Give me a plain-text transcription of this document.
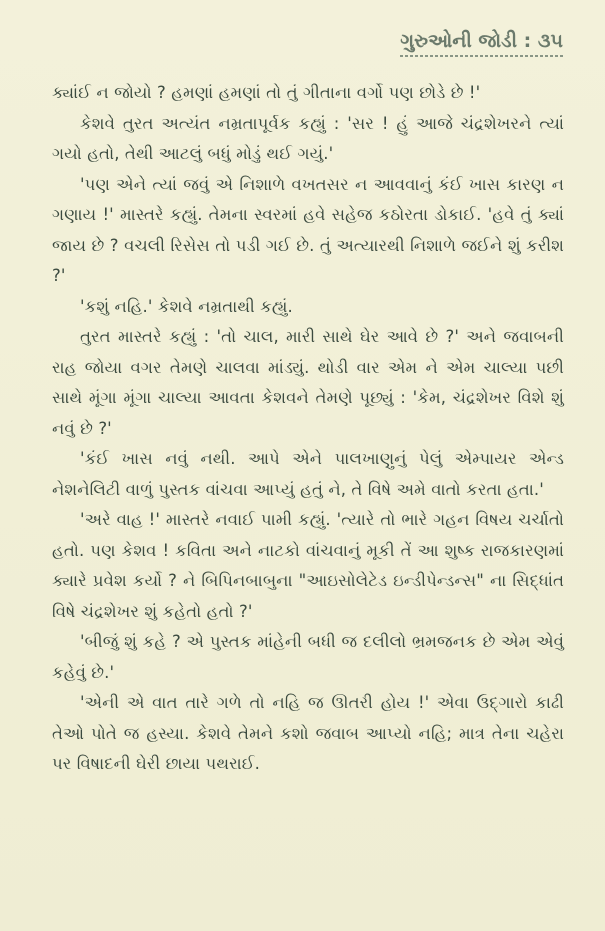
ગુરુઓની જોડી : ૩૫

ક્યાંઈ ન જોયો ? હમણાં હમણાં તો તું ગીતાના વર્ગો પણ છોડે છે !'

કેશવે તુરત અત્યંત નમ્રતાપૂર્વક કહ્યું : 'સર ! હું આજે ચંદ્રશેખરને ત્યાં ગયો હતો, તેથી આટલું બધું મોડું થઈ ગયું.'

'પણ એને ત્યાં જવું એ નિશાળે વખતસર ન આવવાનું કંઈ ખાસ કારણ ન ગણાય !' માસ્તરે કહ્યું. તેમના સ્વરમાં હવે સહેજ કઠોરતા ડોકાઈ. 'હવે તું ક્યાં જાય છે ? વચલી રિસેસ તો પડી ગઈ છે. તું અત્યારથી નિશાળે જઈને શું કરીશ ?'

'કશું નહિ.' કેશવે નમ્રતાથી કહ્યું.

તુરત માસ્તરે કહ્યું : 'તો ચાલ, મારી સાથે ઘેર આવે છે ?' અને જવાબની રાહ જોયા વગર તેમણે ચાલવા માંડ્યું. થોડી વાર એમ ને એમ ચાલ્યા પછી સાથે મૂંગા મૂંગા ચાલ્યા આવતા કેશવને તેમણે પૂછ્યું : 'કેમ, ચંદ્રશેખર વિશે શું નવું છે ?'

'કંઈ ખાસ નવું નથી. આપે એને પાલખાણુનું પેલું એમ્પાયર એન્ડ નેશનેલિટી વાળું પુસ્તક વાંચવા આપ્યું હતું ને, તે વિષે અમે વાતો કરતા હતા.'

'અરે વાહ !' માસ્તરે નવાઈ પામી કહ્યું. 'ત્યારે તો ભારે ગહન વિષય ચર્ચાતો હતો. પણ કેશવ ! કવિતા અને નાટકો વાંચવાનું મૂકી તેં આ શુષ્ક રાજકારણમાં ક્યારે પ્રવેશ કર્યો ? ને બિપિનબાબુના "આઇસોલેટેડ ઇન્ડીપેન્ડન્સ" ના સિદ્ધાંત વિષે ચંદ્રશેખર શું કહેતો હતો ?'

'બીજું શું કહે ? એ પુસ્તક માંહેની બધી જ દલીલો ભ્રમજનક છે એમ એવું કહેવું છે.'

'એની એ વાત તારે ગળે તો નહિ જ ઊતરી હોય !' એવા ઉદ્ગારો કાઢી તેઓ પોતે જ હસ્યા. કેશવે તેમને કશો જવાબ આપ્યો નહિ; માત્ર તેના ચહેરા પર વિષાદની ઘેરી છાયા પથરાઈ.
